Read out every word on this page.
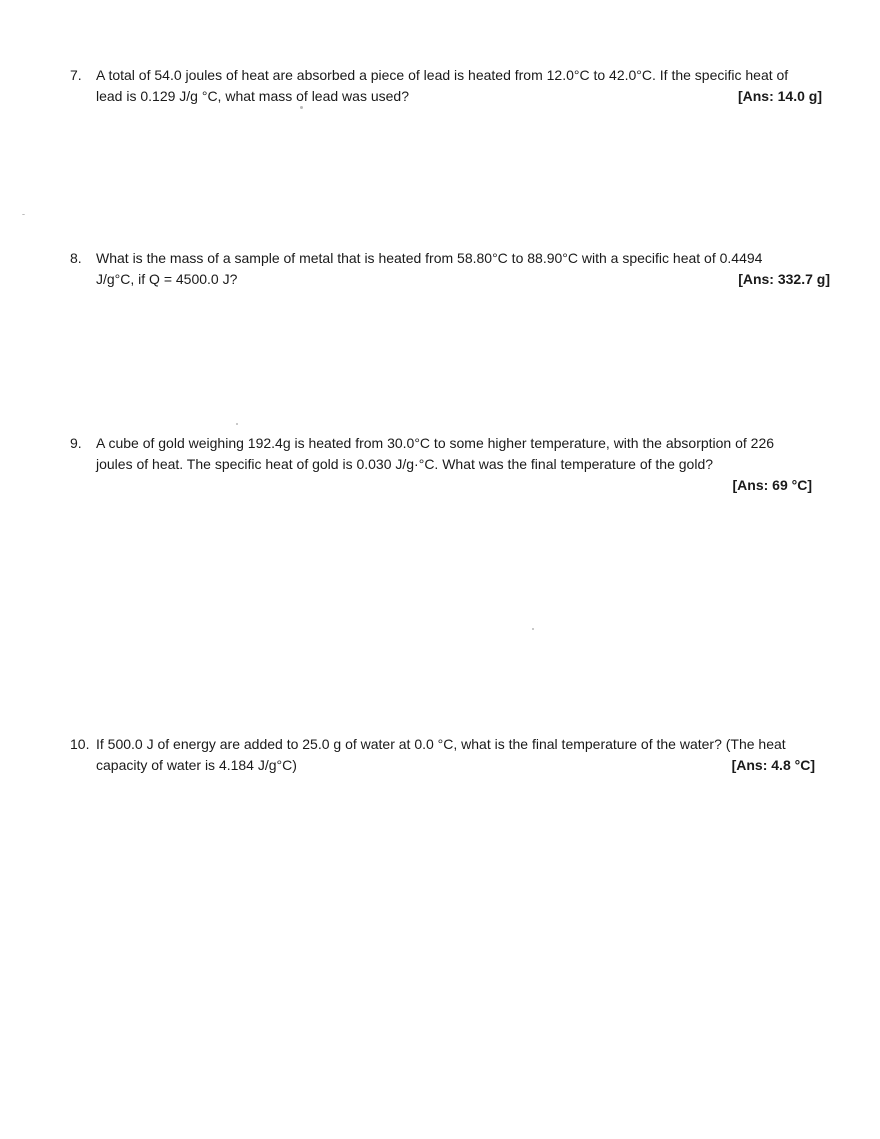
7.	A total of 54.0 joules of heat are absorbed a piece of lead is heated from 12.0°C to 42.0°C. If the specific heat of
lead is 0.129 J/g °C, what mass of lead was used?	[Ans: 14.0 g]
8.	What is the mass of a sample of metal that is heated from 58.80°C to 88.90°C with a specific heat of 0.4494
J/g°C, if Q = 4500.0 J?	[Ans: 332.7 g]
9.	A cube of gold weighing 192.4g is heated from 30.0°C to some higher temperature, with the absorption of 226
joules of heat. The specific heat of gold is 0.030 J/g·°C. What was the final temperature of the gold?
[Ans: 69 °C]
10. If 500.0 J of energy are added to 25.0 g of water at 0.0 °C, what is the final temperature of the water? (The heat
capacity of water is 4.184 J/g°C)	[Ans: 4.8 °C]
